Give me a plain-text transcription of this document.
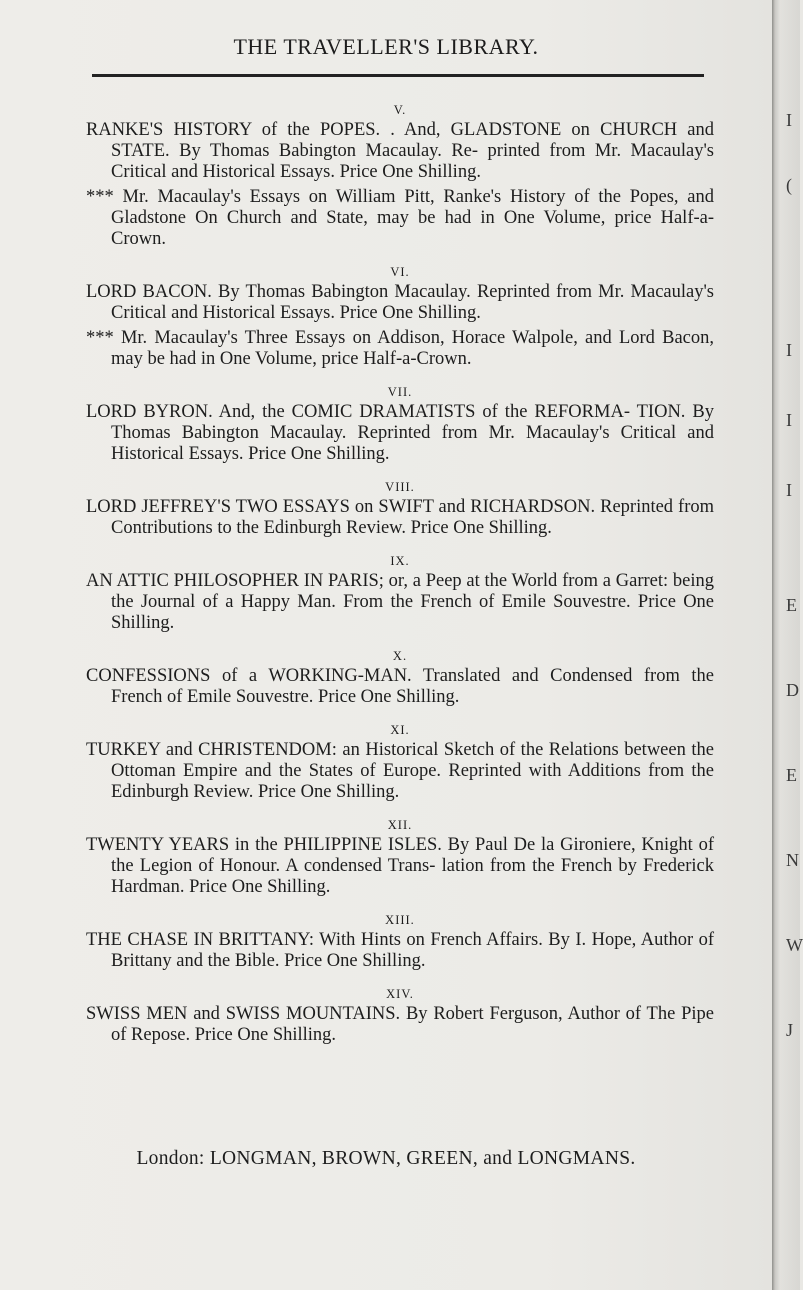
THE TRAVELLER'S LIBRARY.
V.
RANKE'S HISTORY of the POPES. . And, GLADSTONE on CHURCH and STATE. By Thomas Babington Macaulay. Re- printed from Mr. Macaulay's Critical and Historical Essays. Price One Shilling.
*** Mr. Macaulay's Essays on William Pitt, Ranke's History of the Popes, and Gladstone On Church and State, may be had in One Volume, price Half-a-Crown.
VI.
LORD BACON. By Thomas Babington Macaulay. Reprinted from Mr. Macaulay's Critical and Historical Essays. Price One Shilling.
*** Mr. Macaulay's Three Essays on Addison, Horace Walpole, and Lord Bacon, may be had in One Volume, price Half-a-Crown.
VII.
LORD BYRON. And, the COMIC DRAMATISTS of the REFORMA- TION. By Thomas Babington Macaulay. Reprinted from Mr. Macaulay's Critical and Historical Essays. Price One Shilling.
VIII.
LORD JEFFREY'S TWO ESSAYS on SWIFT and RICHARDSON. Reprinted from Contributions to the Edinburgh Review. Price One Shilling.
IX.
AN ATTIC PHILOSOPHER IN PARIS; or, a Peep at the World from a Garret: being the Journal of a Happy Man. From the French of Emile Souvestre. Price One Shilling.
X.
CONFESSIONS of a WORKING-MAN. Translated and Condensed from the French of Emile Souvestre. Price One Shilling.
XI.
TURKEY and CHRISTENDOM: an Historical Sketch of the Relations between the Ottoman Empire and the States of Europe. Reprinted with Additions from the Edinburgh Review. Price One Shilling.
XII.
TWENTY YEARS in the PHILIPPINE ISLES. By Paul De la Gironiere, Knight of the Legion of Honour. A condensed Trans- lation from the French by Frederick Hardman. Price One Shilling.
XIII.
THE CHASE IN BRITTANY: With Hints on French Affairs. By I. Hope, Author of Brittany and the Bible. Price One Shilling.
XIV.
SWISS MEN and SWISS MOUNTAINS. By Robert Ferguson, Author of The Pipe of Repose. Price One Shilling.
London: LONGMAN, BROWN, GREEN, and LONGMANS.
I
(
I
I
I
E
D
E
N
W
J
